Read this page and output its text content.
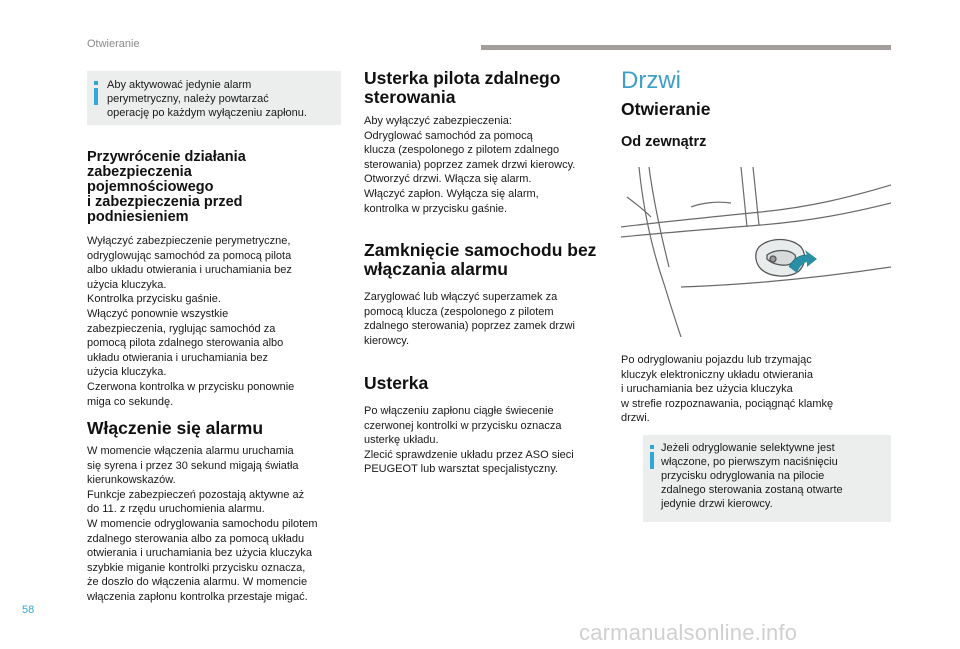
Otwieranie
Aby aktywować jedynie alarm
perymetryczny, należy powtarzać
operację po każdym wyłączeniu zapłonu.
Przywrócenie działania
zabezpieczenia
pojemnościowego
i zabezpieczenia przed
podniesieniem
Wyłączyć zabezpieczenie perymetryczne,
odryglowując samochód za pomocą pilota
albo układu otwierania i uruchamiania bez
użycia kluczyka.
Kontrolka przycisku gaśnie.
Włączyć ponownie wszystkie
zabezpieczenia, ryglując samochód za
pomocą pilota zdalnego sterowania albo
układu otwierania i uruchamiania bez
użycia kluczyka.
Czerwona kontrolka w przycisku ponownie
miga co sekundę.
Włączenie się alarmu
W momencie włączenia alarmu uruchamia
się syrena i przez 30 sekund migają światła
kierunkowskazów.
Funkcje zabezpieczeń pozostają aktywne aż
do 11. z rzędu uruchomienia alarmu.
W momencie odryglowania samochodu pilotem
zdalnego sterowania albo za pomocą układu
otwierania i uruchamiania bez użycia kluczyka
szybkie miganie kontrolki przycisku oznacza,
że doszło do włączenia alarmu. W momencie
włączenia zapłonu kontrolka przestaje migać.
Usterka pilota zdalnego
sterowania
Aby wyłączyć zabezpieczenia:
Odryglować samochód za pomocą
klucza (zespolonego z pilotem zdalnego
sterowania) poprzez zamek drzwi kierowcy.
Otworzyć drzwi. Włącza się alarm.
Włączyć zapłon. Wyłącza się alarm,
kontrolka w przycisku gaśnie.
Zamknięcie samochodu bez
włączania alarmu
Zaryglować lub włączyć superzamek za
pomocą klucza (zespolonego z pilotem
zdalnego sterowania) poprzez zamek drzwi
kierowcy.
Usterka
Po włączeniu zapłonu ciągłe świecenie
czerwonej kontrolki w przycisku oznacza
usterkę układu.
Zlecić sprawdzenie układu przez ASO sieci
PEUGEOT lub warsztat specjalistyczny.
Drzwi
Otwieranie
Od zewnątrz
Po odryglowaniu pojazdu lub trzymając
kluczyk elektroniczny układu otwierania
i uruchamiania bez użycia kluczyka
w strefie rozpoznawania, pociągnąć klamkę
drzwi.
Jeżeli odryglowanie selektywne jest
włączone, po pierwszym naciśnięciu
przycisku odryglowania na pilocie
zdalnego sterowania zostaną otwarte
jedynie drzwi kierowcy.
58
carmanualsonline.info
